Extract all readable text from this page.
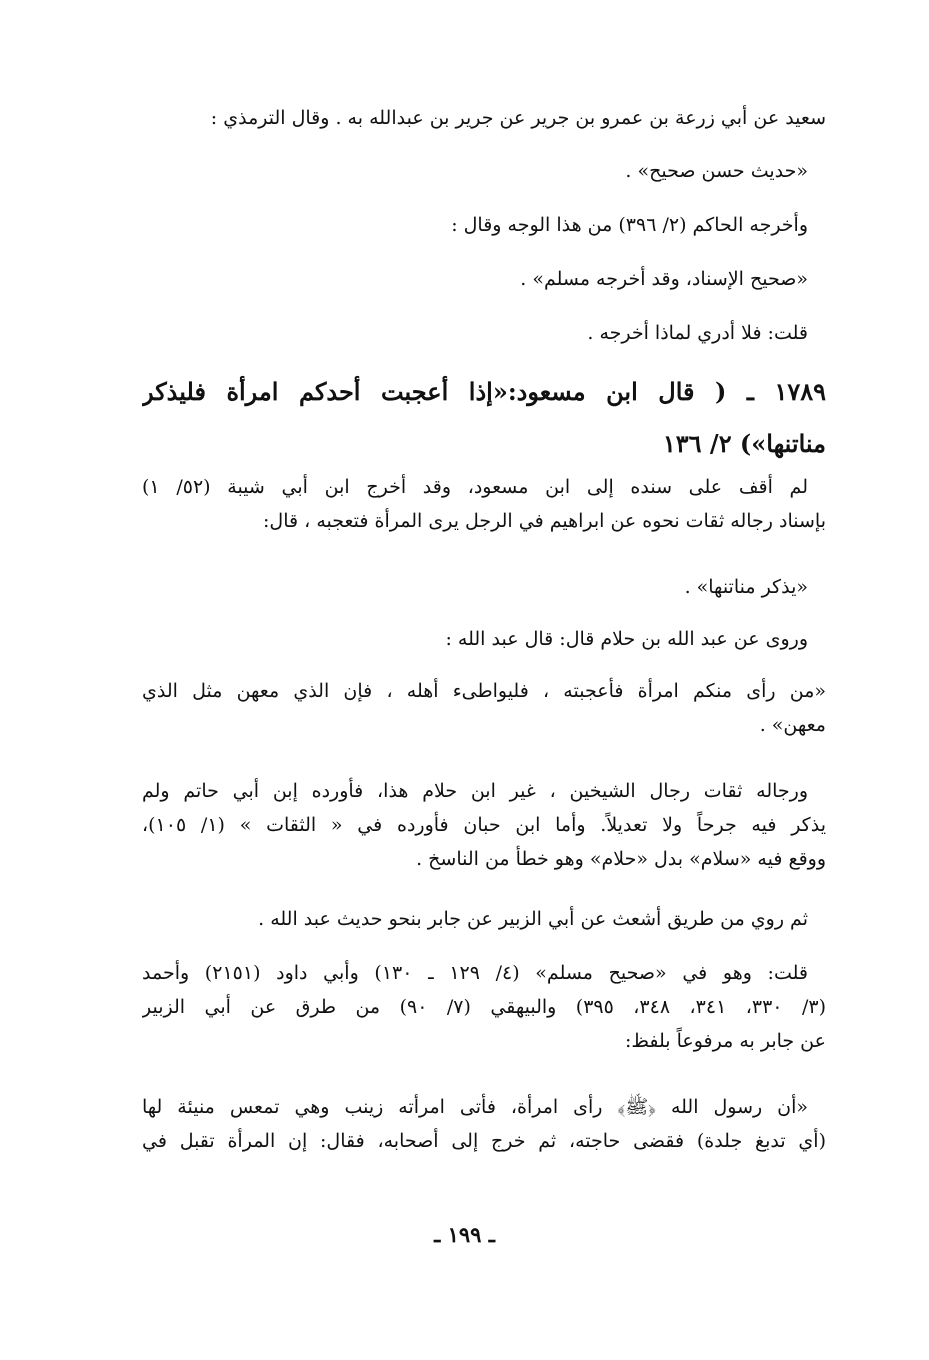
سعيد عن أبي زرعة بن عمرو بن جرير عن جرير بن عبدالله به . وقال الترمذي :
«حديث حسن صحيح» .
وأخرجه الحاكم (٢/ ٣٩٦) من هذا الوجه وقال :
«صحيح الإسناد، وقد أخرجه مسلم» .
قلت: فلا أدري لماذا أخرجه .
١٧٨٩ ـ ( قال ابن مسعود:«إذا أعجبت أحدكم امرأة فليذكر
مناتنها») ٢/ ١٣٦
لم أقف على سنده إلى ابن مسعود، وقد أخرج ابن أبي شيبة (٥٢/ ١)
بإسناد رجاله ثقات نحوه عن ابراهيم في الرجل يرى المرأة فتعجبه ، قال:
«يذكر مناتنها» .
وروى عن عبد الله بن حلام قال: قال عبد الله :
«من رأى منكم امرأة فأعجبته ، فليواطىء أهله ، فإن الذي معهن مثل الذي
معهن» .
ورجاله ثقات رجال الشيخين ، غير ابن حلام هذا، فأورده إبن أبي حاتم ولم
يذكر فيه جرحاً ولا تعديلاً. وأما ابن حبان فأورده في « الثقات » (١/ ١٠٥)،
ووقع فيه «سلام» بدل «حلام» وهو خطأ من الناسخ .
ثم روي من طريق أشعث عن أبي الزبير عن جابر بنحو حديث عبد الله .
قلت: وهو في «صحيح مسلم» (٤/ ١٢٩ ـ ١٣٠) وأبي داود (٢١٥١) وأحمد
(٣/ ٣٣٠، ٣٤١، ٣٤٨، ٣٩٥) والبيهقي (٧/ ٩٠) من طرق عن أبي الزبير
عن جابر به مرفوعاً بلفظ:
«أن رسول الله ﴿ﷺ﴾ رأى امرأة، فأتى امرأته زينب وهي تمعس منيئة لها
(أي تدبغ جلدة) فقضى حاجته، ثم خرج إلى أصحابه، فقال: إن المرأة تقبل في
ـ ١٩٩ ـ
